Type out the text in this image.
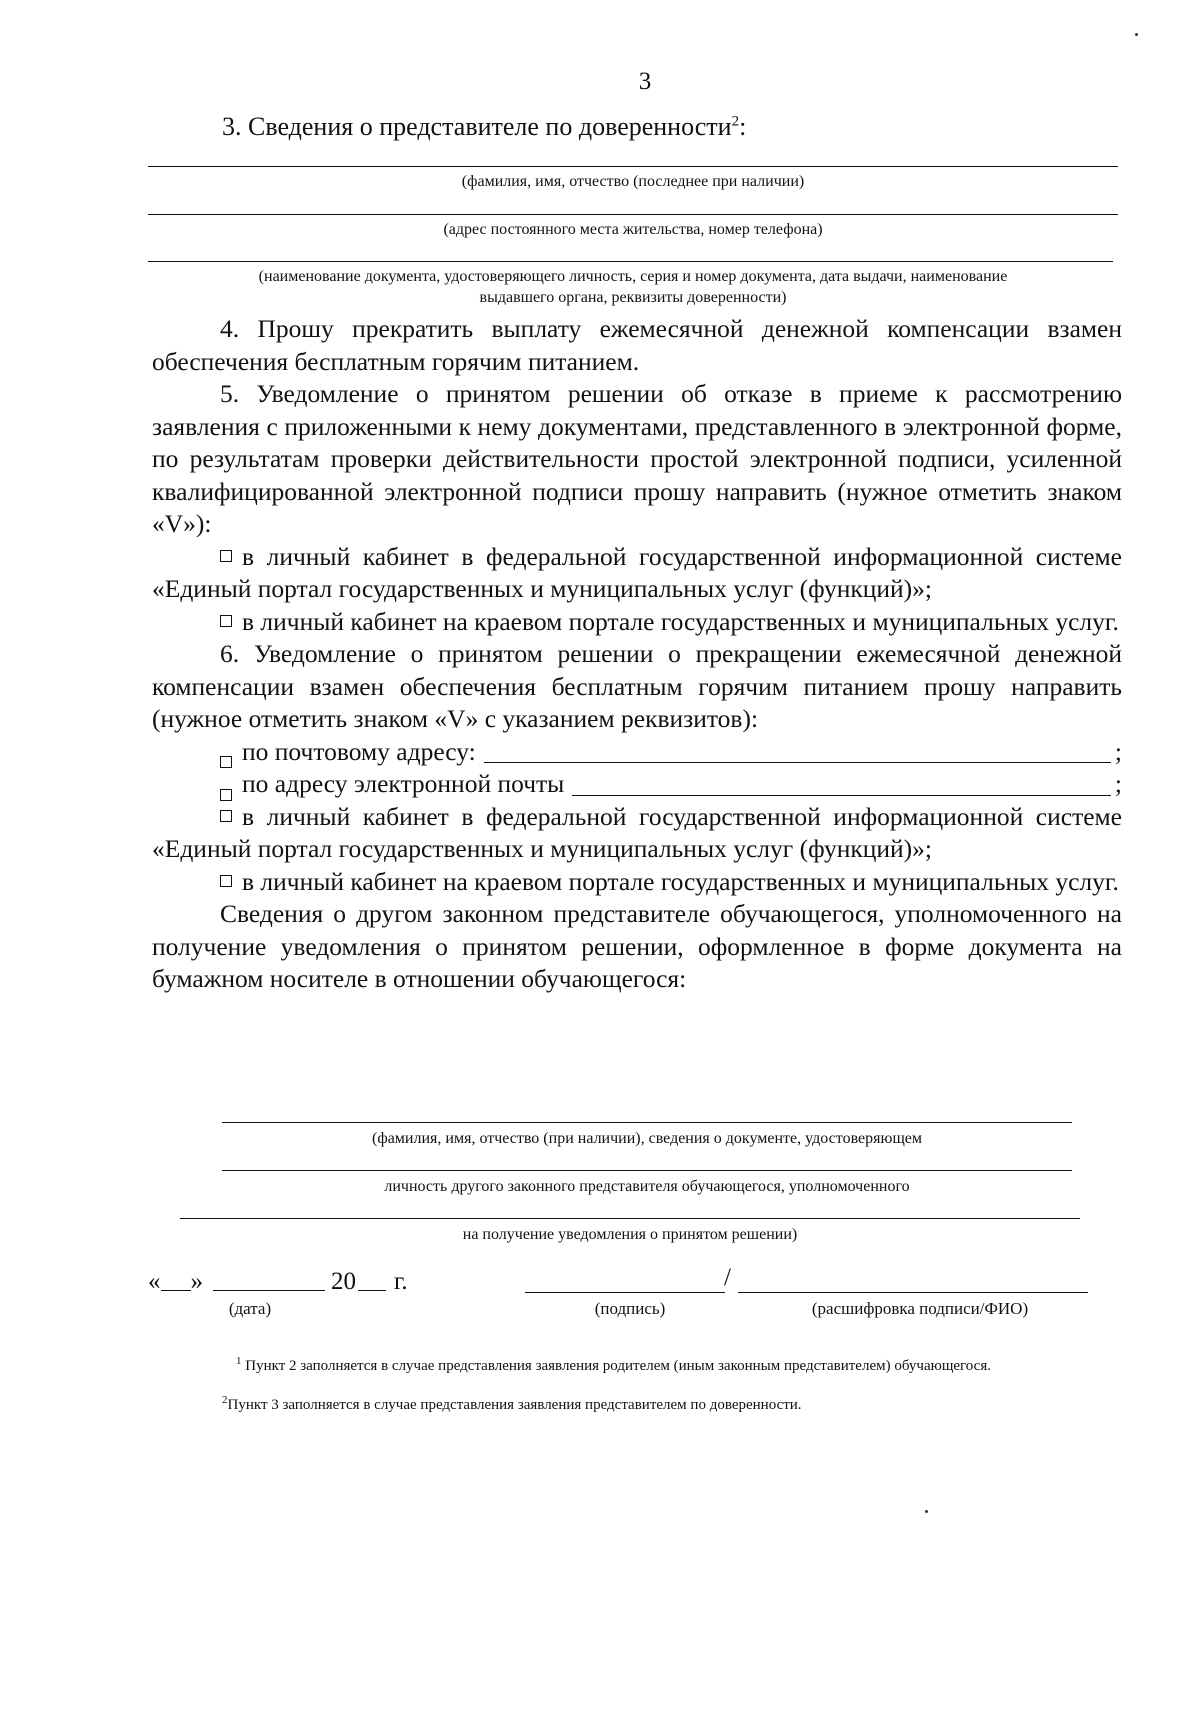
3
3. Сведения о представителе по доверенности$^2$:
(фамилия, имя, отчество (последнее при наличии)
(адрес постоянного места жительства, номер телефона)
(наименование документа, удостоверяющего личность, серия и номер документа, дата выдачи, наименование
выдавшего органа, реквизиты доверенности)

4. Прошу прекратить выплату ежемесячной денежной компенсации взамен обеспечения бесплатным горячим питанием.

5. Уведомление о принятом решении об отказе в приеме к рассмотрению заявления с приложенными к нему документами, представленного в электронной форме, по результатам проверки действительности простой электронной подписи, усиленной квалифицированной электронной подписи прошу направить (нужное отметить знаком «V»):

в личный кабинет в федеральной государственной информационной системе «Единый портал государственных и муниципальных услуг (функций)»;

в личный кабинет на краевом портале государственных и муниципальных услуг.

6. Уведомление о принятом решении о прекращении ежемесячной денежной компенсации взамен обеспечения бесплатным горячим питанием прошу направить (нужное отметить знаком «V» с указанием реквизитов):

по почтовому адресу:	;
по адресу электронной почты	;

в личный кабинет в федеральной государственной информационной системе «Единый портал государственных и муниципальных услуг (функций)»;

в личный кабинет на краевом портале государственных и муниципальных услуг.

Сведения о другом законном представителе обучающегося, уполномоченного на получение уведомления о принятом решении, оформленное в форме документа на бумажном носителе в отношении обучающегося:

(фамилия, имя, отчество (при наличии), сведения о документе, удостоверяющем
личность другого законного представителя обучающегося, уполномоченного
на получение уведомления о принятом решении)
« »	20 г.
(дата)
/
(подпись)	(расшифровка подписи/ФИО)
$^1$ Пункт 2 заполняется в случае представления заявления родителем (иным законным представителем) обучающегося.
$^2$Пункт 3 заполняется в случае представления заявления представителем по доверенности.
